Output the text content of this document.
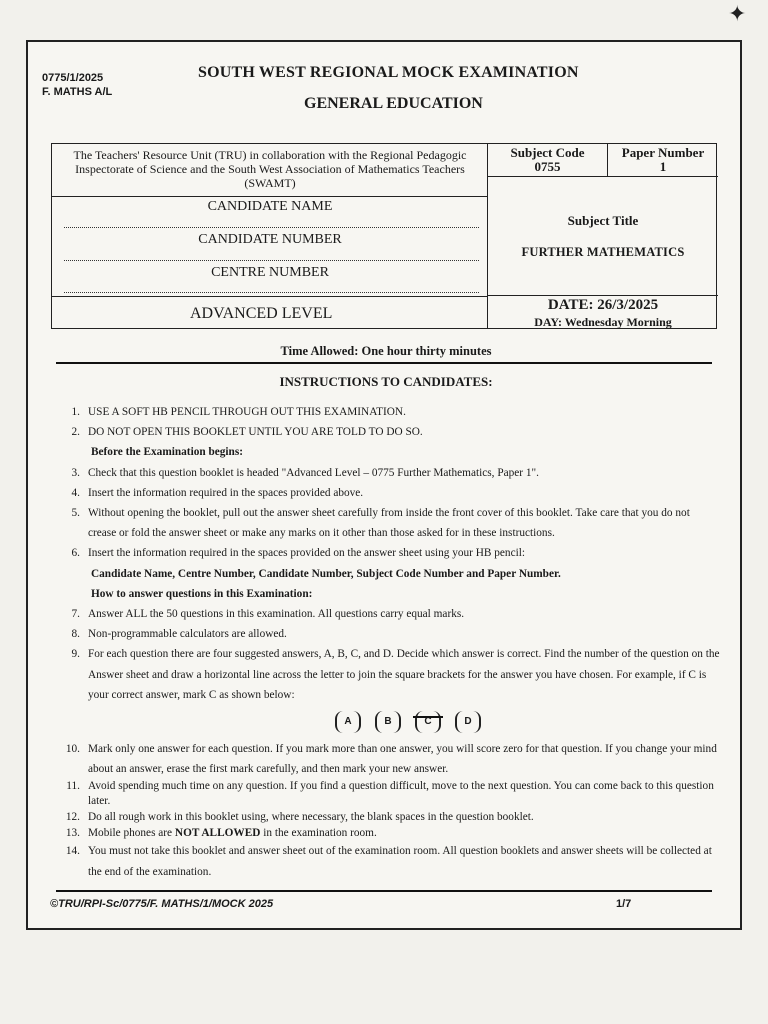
✦
0775/1/2025
F. MATHS A/L
SOUTH WEST REGIONAL MOCK EXAMINATION
GENERAL EDUCATION
The Teachers' Resource Unit (TRU) in collaboration with the Regional Pedagogic Inspectorate of Science and the South West Association of Mathematics Teachers (SWAMT)
CANDIDATE NAME
CANDIDATE NUMBER
CENTRE NUMBER
ADVANCED LEVEL
Subject Code
0755
Paper Number
1
Subject Title
FURTHER MATHEMATICS
DATE: 26/3/2025
DAY: Wednesday Morning
Time Allowed: One hour thirty minutes
INSTRUCTIONS TO CANDIDATES:
1. USE A SOFT HB PENCIL THROUGH OUT THIS EXAMINATION.
2. DO NOT OPEN THIS BOOKLET UNTIL YOU ARE TOLD TO DO SO.
Before the Examination begins:
3. Check that this question booklet is headed "Advanced Level – 0775 Further Mathematics, Paper 1".
4. Insert the information required in the spaces provided above.
5. Without opening the booklet, pull out the answer sheet carefully from inside the front cover of this booklet. Take care that you do not crease or fold the answer sheet or make any marks on it other than those asked for in these instructions.
6. Insert the information required in the spaces provided on the answer sheet using your HB pencil:
Candidate Name, Centre Number, Candidate Number, Subject Code Number and Paper Number.
How to answer questions in this Examination:
7. Answer ALL the 50 questions in this examination. All questions carry equal marks.
8. Non-programmable calculators are allowed.
9. For each question there are four suggested answers, A, B, C, and D. Decide which answer is correct. Find the number of the question on the Answer sheet and draw a horizontal line across the letter to join the square brackets for the answer you have chosen. For example, if C is your correct answer, mark C as shown below:
A	B	C	D
10. Mark only one answer for each question. If you mark more than one answer, you will score zero for that question. If you change your mind about an answer, erase the first mark carefully, and then mark your new answer.
11. Avoid spending much time on any question. If you find a question difficult, move to the next question. You can come back to this question later.
12. Do all rough work in this booklet using, where necessary, the blank spaces in the question booklet.
13. Mobile phones are NOT ALLOWED in the examination room.
14. You must not take this booklet and answer sheet out of the examination room. All question booklets and answer sheets will be collected at the end of the examination.
©TRU/RPI-Sc/0775/F. MATHS/1/MOCK 2025	1/7
